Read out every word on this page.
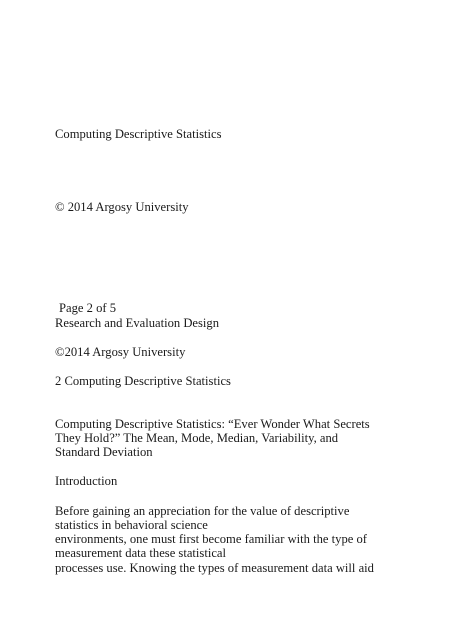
Computing Descriptive Statistics
© 2014 Argosy University
Page 2 of 5
Research and Evaluation Design
©2014 Argosy University
2 Computing Descriptive Statistics
Computing Descriptive Statistics: “Ever Wonder What Secrets
They Hold?” The Mean, Mode, Median, Variability, and
Standard Deviation
Introduction
Before gaining an appreciation for the value of descriptive
statistics in behavioral science
environments, one must first become familiar with the type of
measurement data these statistical
processes use. Knowing the types of measurement data will aid
